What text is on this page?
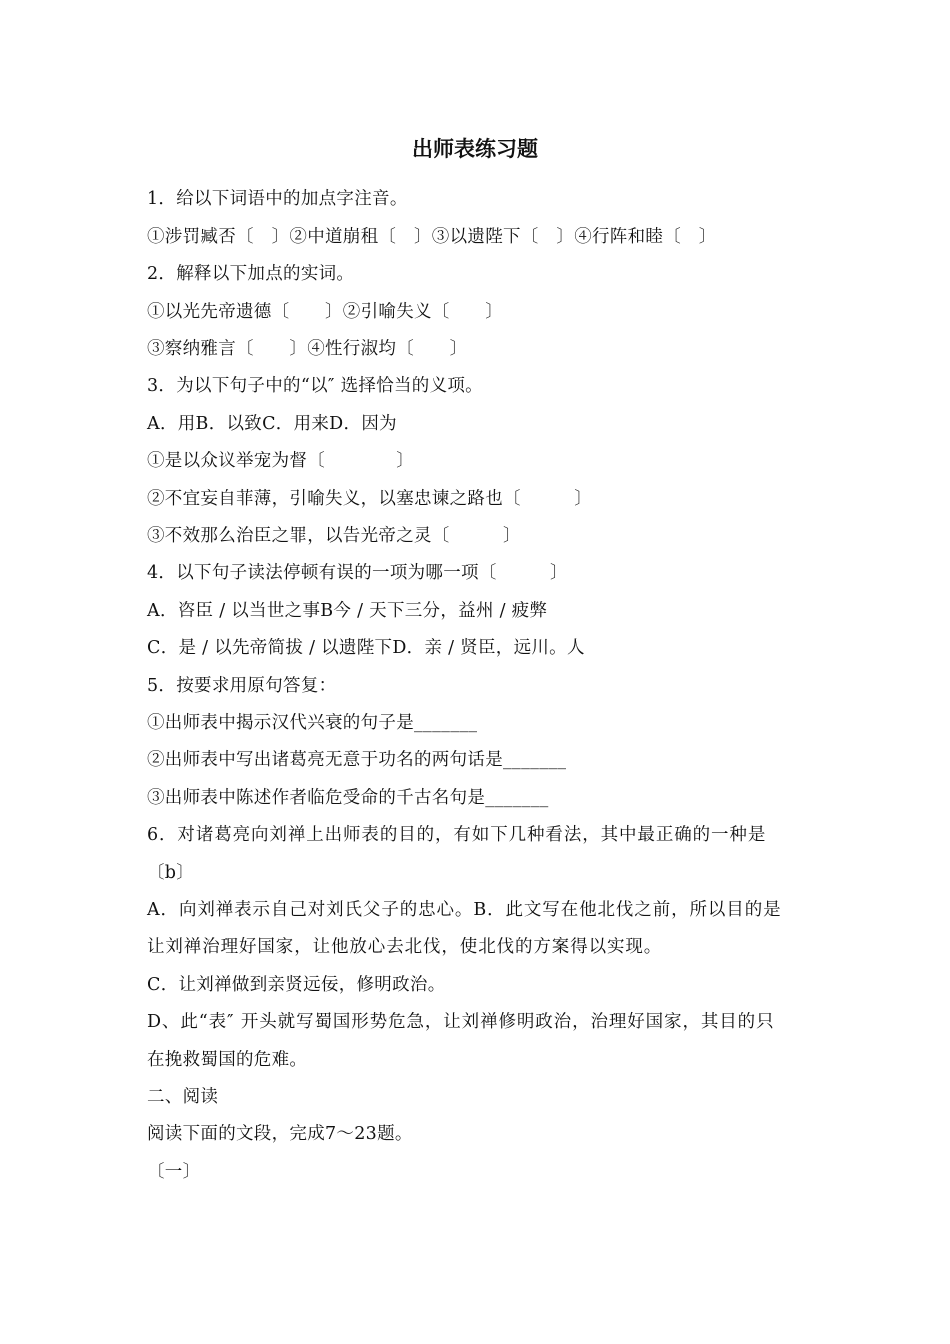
出师表练习题
1．给以下词语中的加点字注音。
①涉罚臧否〔　〕②中道崩租〔　〕③以遗陛下〔　〕④行阵和睦〔　〕
2．解释以下加点的实词。
①以光先帝遗德〔　　〕②引喻失义〔　　〕
③察纳雅言〔　　〕④性行淑均〔　　〕
3．为以下句子中的“以″ 选择恰当的义项。
A．用B．以致C．用来D．因为
①是以众议举宠为督〔　　　　〕
②不宜妄自菲薄，引喻失义，以塞忠谏之路也〔　　　〕
③不效那么治臣之罪，以告光帝之灵〔　　　〕
4．以下句子读法停顿有误的一项为哪一项〔　　　〕
A．咨臣 / 以当世之事B今 / 天下三分，益州 / 疲弊
C．是 / 以先帝简拔 / 以遗陛下D．亲 / 贤臣，远川。人
5．按要求用原句答复：
①出师表中揭示汉代兴衰的句子是_______
②出师表中写出诸葛亮无意于功名的两句话是_______
③出师表中陈述作者临危受命的千古名句是_______
6．对诸葛亮向刘禅上出师表的目的，有如下几种看法，其中最正确的一种是
〔b〕
A．向刘禅表示自己对刘氏父子的忠心。B．此文写在他北伐之前，所以目的是
让刘禅治理好国家，让他放心去北伐，使北伐的方案得以实现。
C．让刘禅做到亲贤远佞，修明政治。
D、此“表″ 开头就写蜀国形势危急，让刘禅修明政治，治理好国家，其目的只
在挽救蜀国的危难。
二、阅读
阅读下面的文段，完成7～23题。
〔一〕
